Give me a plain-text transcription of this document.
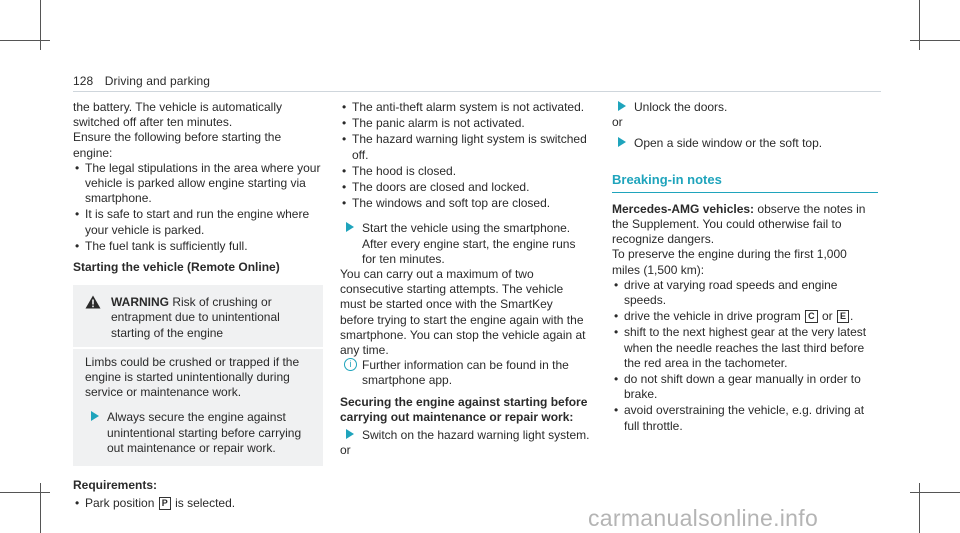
128 Driving and parking

the battery. The vehicle is automatically switched off after ten minutes.

Ensure the following before starting the engine:

• The legal stipulations in the area where your vehicle is parked allow engine starting via smartphone.
• It is safe to start and run the engine where your vehicle is parked.
• The fuel tank is sufficiently full.
Starting the vehicle (Remote Online)
WARNING Risk of crushing or entrapment due to unintentional starting of the engine

Limbs could be crushed or trapped if the engine is started unintentionally during service or maintenance work.

Always secure the engine against unintentional starting before carrying out maintenance or repair work.
Requirements:
• Park position P is selected.
• The anti-theft alarm system is not activated.
• The panic alarm is not activated.
• The hazard warning light system is switched off.
• The hood is closed.
• The doors are closed and locked.
• The windows and soft top are closed.
Start the vehicle using the smartphone.
After every engine start, the engine runs for ten minutes.

You can carry out a maximum of two consecutive starting attempts. The vehicle must be started once with the SmartKey before trying to start the engine again with the smartphone. You can stop the vehicle again at any time.

i Further information can be found in the smartphone app.
Securing the engine against starting before carrying out maintenance or repair work:
Switch on the hazard warning light system.

or

Unlock the doors.

or

Open a side window or the soft top.
Breaking-in notes

Mercedes-AMG vehicles: observe the notes in the Supplement. You could otherwise fail to recognize dangers.

To preserve the engine during the first 1,000 miles (1,500 km):

• drive at varying road speeds and engine speeds.
• drive the vehicle in drive program C or E .
• shift to the next highest gear at the very latest when the needle reaches the last third before the red area in the tachometer.
• do not shift down a gear manually in order to brake.
• avoid overstraining the vehicle, e.g. driving at full throttle.
carmanualsonline.info
